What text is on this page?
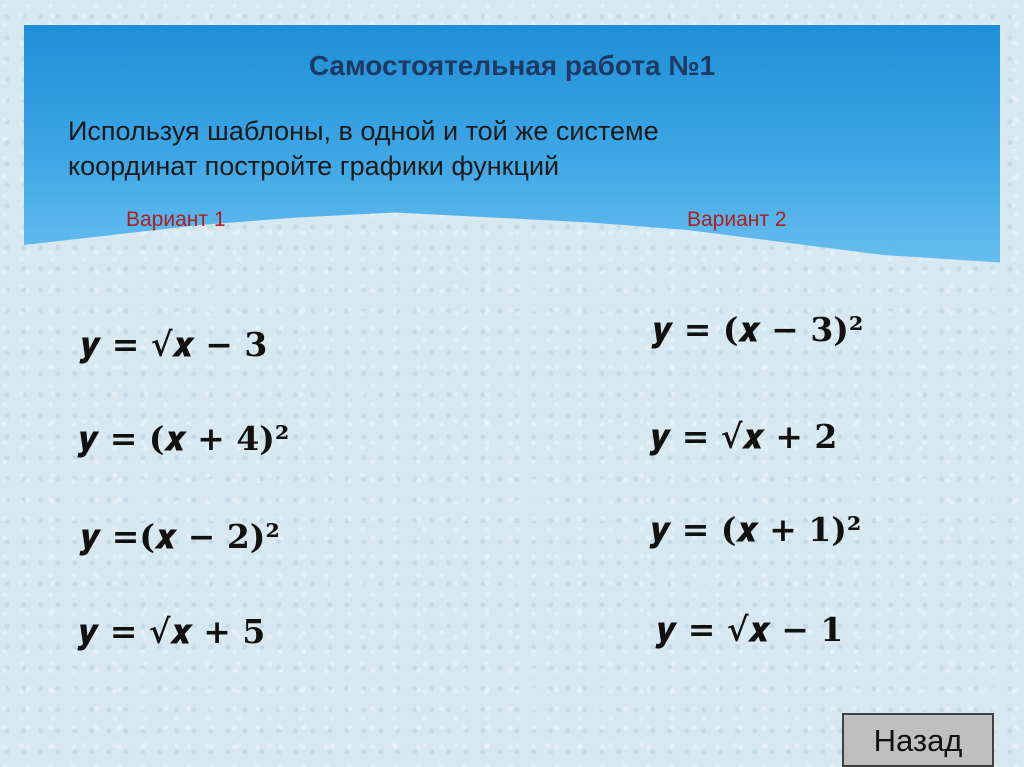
Самостоятельная работа №1
Используя шаблоны, в одной и той же системе
координат постройте графики функций
Вариант 1	Вариант 2
𝒚 = √𝒙 − 𝟑
𝒚 = (𝒙 + 𝟒)²
𝒚 =(𝒙 − 𝟐)²
𝒚 = √𝒙 + 𝟓
𝒚 = (𝒙 − 𝟑)²
𝒚 = √𝒙 + 𝟐
𝒚 = (𝒙 + 𝟏)²
𝒚 = √𝒙 − 𝟏
Назад
